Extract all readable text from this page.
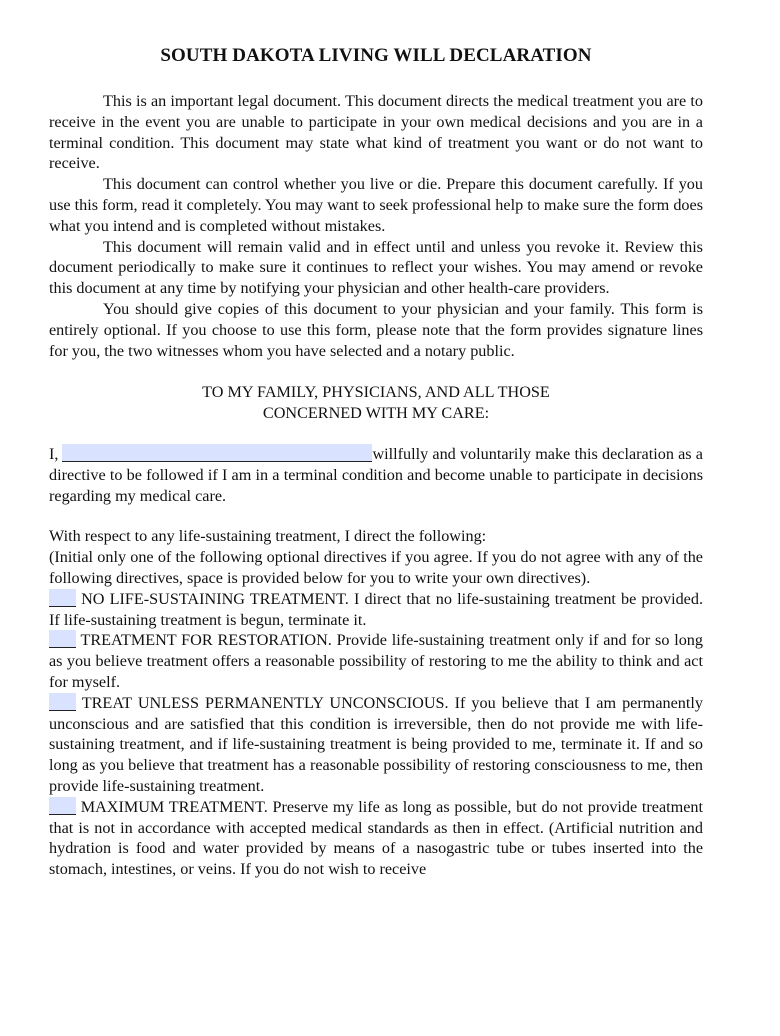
SOUTH DAKOTA LIVING WILL DECLARATION

This is an important legal document. This document directs the medical treatment you are to receive in the event you are unable to participate in your own medical decisions and you are in a terminal condition. This document may state what kind of treatment you want or do not want to receive.

This document can control whether you live or die. Prepare this document carefully. If you use this form, read it completely. You may want to seek professional help to make sure the form does what you intend and is completed without mistakes.

This document will remain valid and in effect until and unless you revoke it. Review this document periodically to make sure it continues to reflect your wishes. You may amend or revoke this document at any time by notifying your physician and other health-care providers.

You should give copies of this document to your physician and your family. This form is entirely optional. If you choose to use this form, please note that the form provides signature lines for you, the two witnesses whom you have selected and a notary public.

TO MY FAMILY, PHYSICIANS, AND ALL THOSE
CONCERNED WITH MY CARE:

I,	willfully and voluntarily make this declaration as a directive to be followed if I am in a terminal condition and become unable to participate in decisions regarding my medical care.

With respect to any life-sustaining treatment, I direct the following:

(Initial only one of the following optional directives if you agree. If you do not agree with any of the following directives, space is provided below for you to write your own directives).

NO LIFE-SUSTAINING TREATMENT. I direct that no life-sustaining treatment be provided. If life-sustaining treatment is begun, terminate it.

TREATMENT FOR RESTORATION. Provide life-sustaining treatment only if and for so long as you believe treatment offers a reasonable possibility of restoring to me the ability to think and act for myself.

TREAT UNLESS PERMANENTLY UNCONSCIOUS. If you believe that I am permanently unconscious and are satisfied that this condition is irreversible, then do not provide me with life-sustaining treatment, and if life-sustaining treatment is being provided to me, terminate it. If and so long as you believe that treatment has a reasonable possibility of restoring consciousness to me, then provide life-sustaining treatment.

MAXIMUM TREATMENT. Preserve my life as long as possible, but do not provide treatment that is not in accordance with accepted medical standards as then in effect. (Artificial nutrition and hydration is food and water provided by means of a nasogastric tube or tubes inserted into the stomach, intestines, or veins. If you do not wish to receive
